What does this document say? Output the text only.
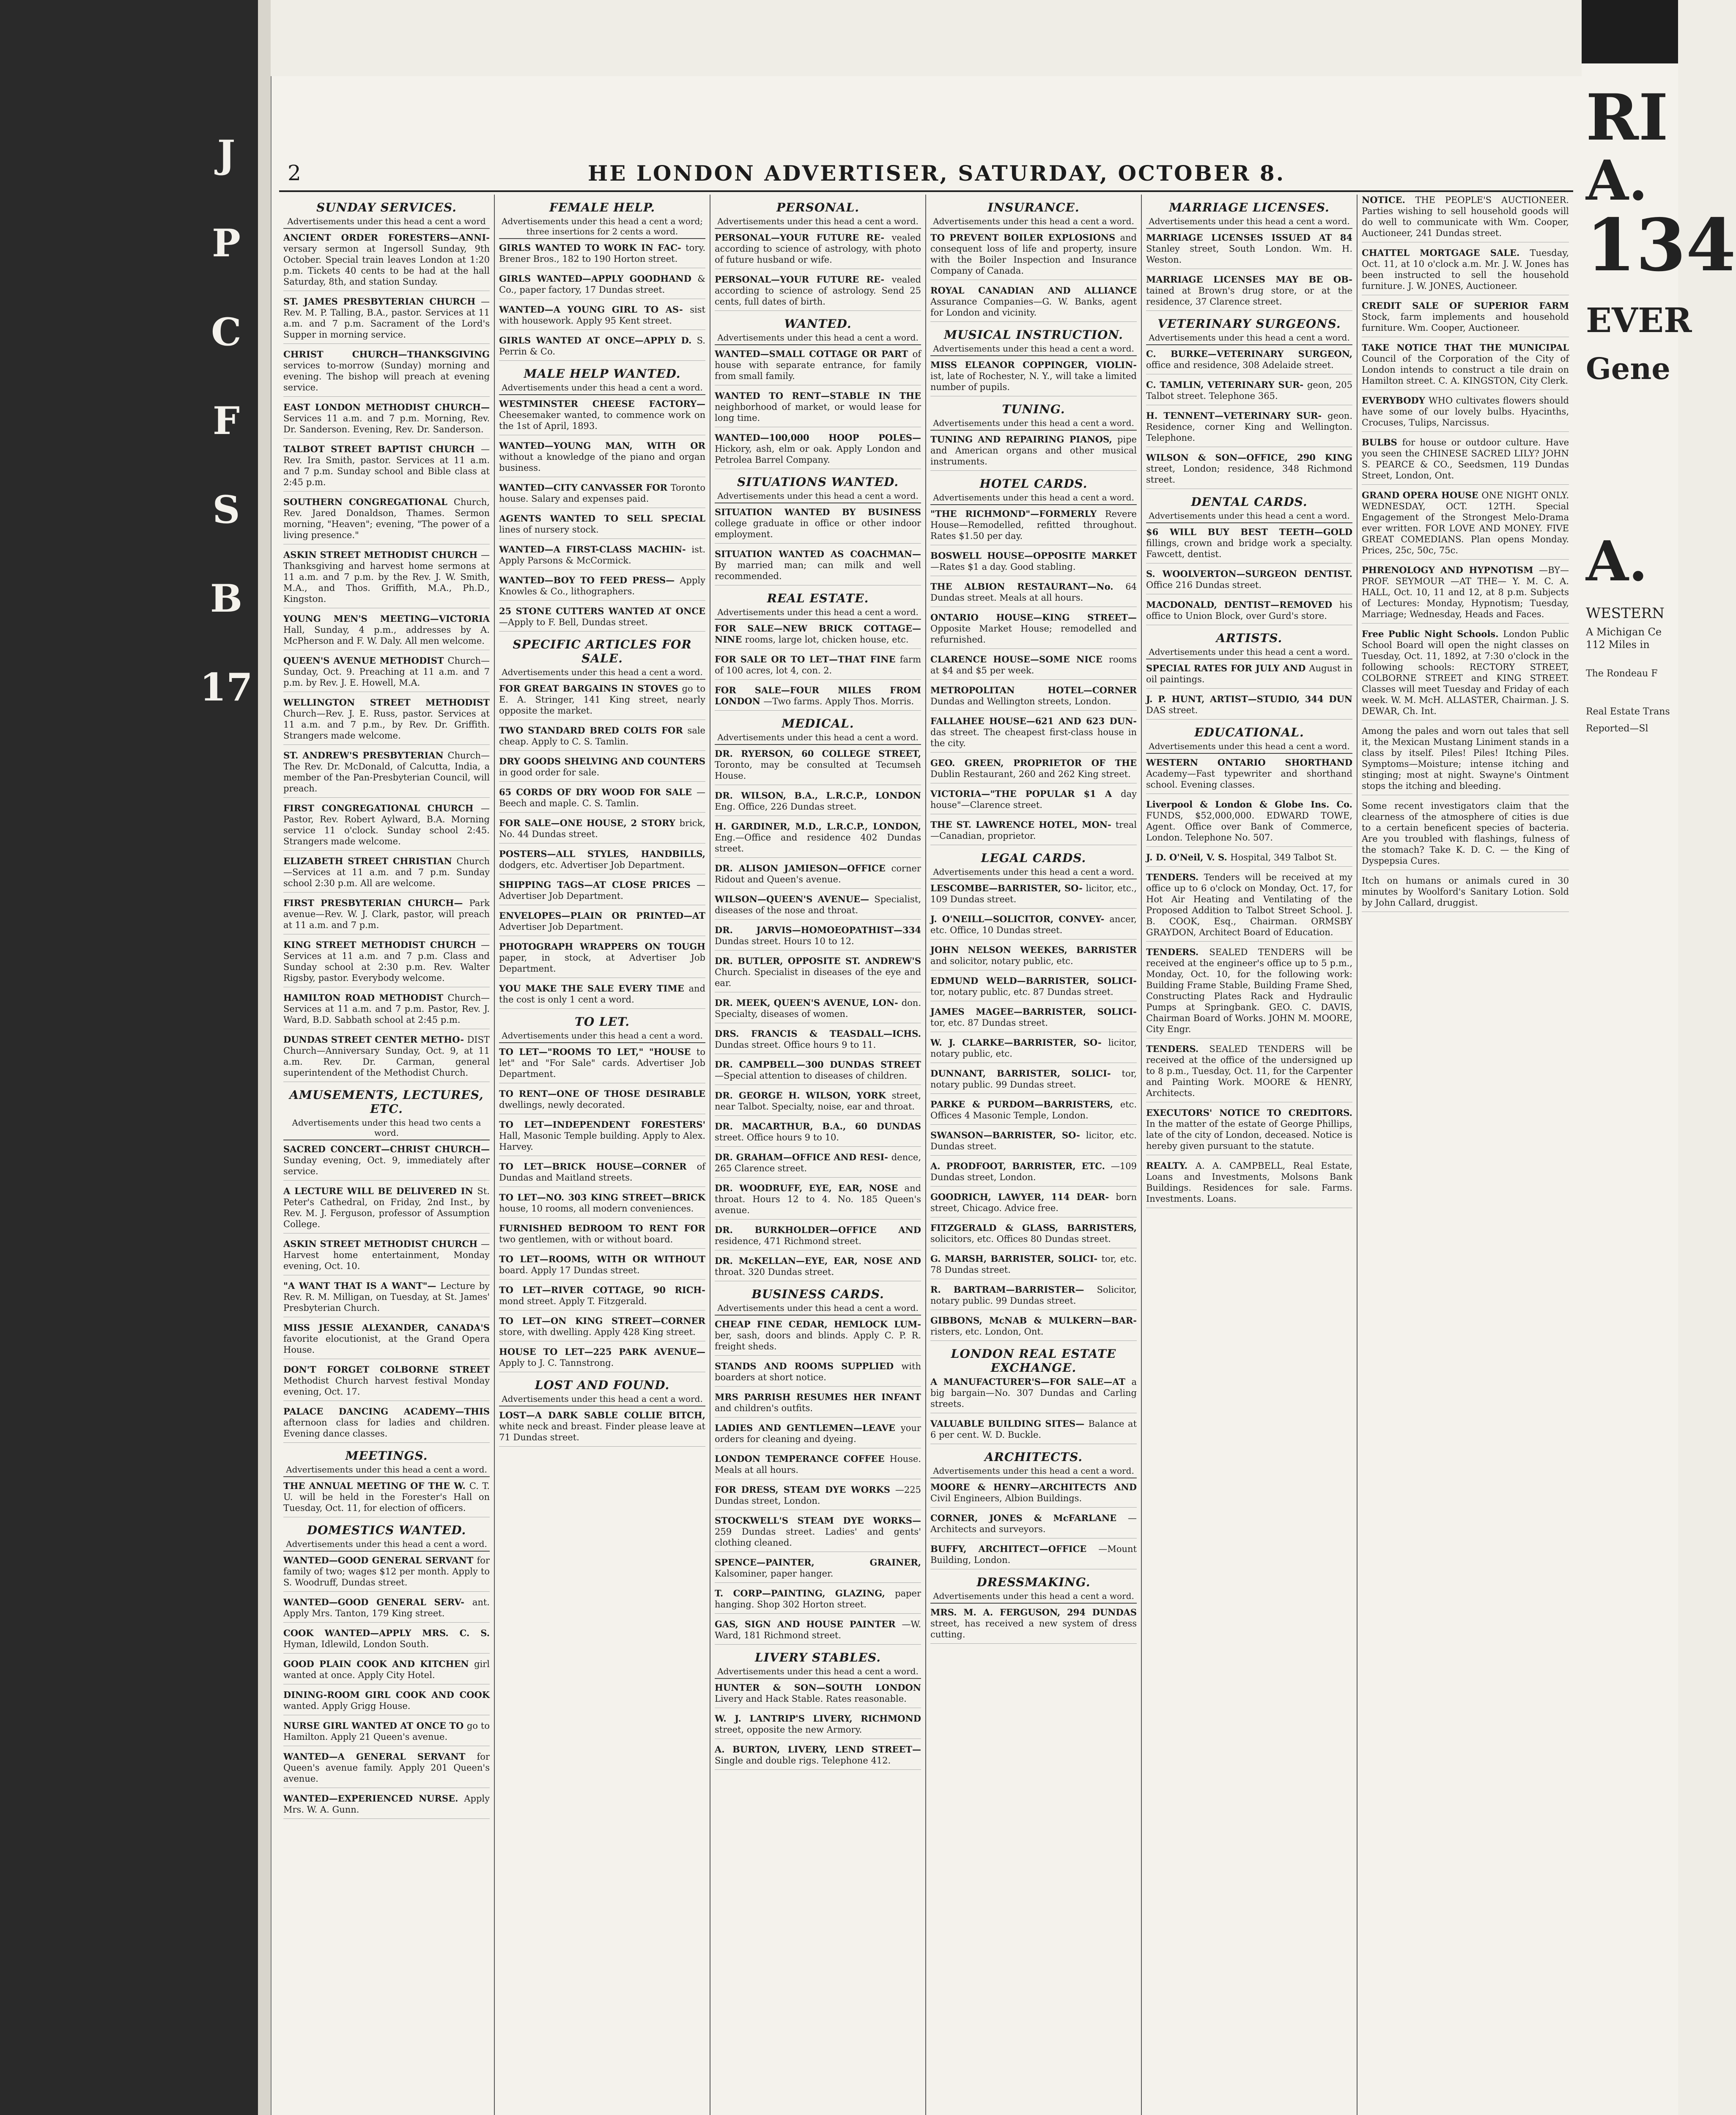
J
P
C
F
S
B
17
2	HE LONDON ADVERTISER, SATURDAY, OCTOBER 8.
SUNDAY SERVICES.
Advertisements under this head a cent a word

ANCIENT ORDER FORESTERS—ANNI- versary sermon at Ingersoll Sunday, 9th October. Special train leaves London at 1:20 p.m. Tickets 40 cents to be had at the hall Saturday, 8th, and station Sunday.

ST. JAMES PRESBYTERIAN CHURCH —Rev. M. P. Talling, B.A., pastor. Services at 11 a.m. and 7 p.m. Sacrament of the Lord's Supper in morning service.

CHRIST CHURCH—THANKSGIVING services to-morrow (Sunday) morning and evening. The bishop will preach at evening service.

EAST LONDON METHODIST CHURCH— Services 11 a.m. and 7 p.m. Morning, Rev. Dr. Sanderson. Evening, Rev. Dr. Sanderson.

TALBOT STREET BAPTIST CHURCH —Rev. Ira Smith, pastor. Services at 11 a.m. and 7 p.m. Sunday school and Bible class at 2:45 p.m.

SOUTHERN CONGREGATIONAL Church, Rev. Jared Donaldson, Thames. Sermon morning, "Heaven"; evening, "The power of a living presence."

ASKIN STREET METHODIST CHURCH —Thanksgiving and harvest home sermons at 11 a.m. and 7 p.m. by the Rev. J. W. Smith, M.A., and Thos. Griffith, M.A., Ph.D., Kingston.

YOUNG MEN'S MEETING—VICTORIA Hall, Sunday, 4 p.m., addresses by A. McPherson and F. W. Daly. All men welcome.

QUEEN'S AVENUE METHODIST Church—Sunday, Oct. 9. Preaching at 11 a.m. and 7 p.m. by Rev. J. E. Howell, M.A.

WELLINGTON STREET METHODIST Church—Rev. J. E. Russ, pastor. Services at 11 a.m. and 7 p.m., by Rev. Dr. Griffith. Strangers made welcome.

ST. ANDREW'S PRESBYTERIAN Church—The Rev. Dr. McDonald, of Calcutta, India, a member of the Pan-Presbyterian Council, will preach.

FIRST CONGREGATIONAL CHURCH —Pastor, Rev. Robert Aylward, B.A. Morning service 11 o'clock. Sunday school 2:45. Strangers made welcome.

ELIZABETH STREET CHRISTIAN Church—Services at 11 a.m. and 7 p.m. Sunday school 2:30 p.m. All are welcome.

FIRST PRESBYTERIAN CHURCH— Park avenue—Rev. W. J. Clark, pastor, will preach at 11 a.m. and 7 p.m.

KING STREET METHODIST CHURCH —Services at 11 a.m. and 7 p.m. Class and Sunday school at 2:30 p.m. Rev. Walter Rigsby, pastor. Everybody welcome.

HAMILTON ROAD METHODIST Church—Services at 11 a.m. and 7 p.m. Pastor, Rev. J. Ward, B.D. Sabbath school at 2:45 p.m.

DUNDAS STREET CENTER METHO- DIST Church—Anniversary Sunday, Oct. 9, at 11 a.m. Rev. Dr. Carman, general superintendent of the Methodist Church.

AMUSEMENTS, LECTURES, ETC.
Advertisements under this head two cents a word.

SACRED CONCERT—CHRIST CHURCH— Sunday evening, Oct. 9, immediately after service.

A LECTURE WILL BE DELIVERED IN St. Peter's Cathedral, on Friday, 2nd Inst., by Rev. M. J. Ferguson, professor of Assumption College.

ASKIN STREET METHODIST CHURCH —Harvest home entertainment, Monday evening, Oct. 10.

"A WANT THAT IS A WANT"— Lecture by Rev. R. M. Milligan, on Tuesday, at St. James' Presbyterian Church.

MISS JESSIE ALEXANDER, CANADA'S favorite elocutionist, at the Grand Opera House.

DON'T FORGET COLBORNE STREET Methodist Church harvest festival Monday evening, Oct. 17.

PALACE DANCING ACADEMY—THIS afternoon class for ladies and children. Evening dance classes.

MEETINGS.
Advertisements under this head a cent a word.

THE ANNUAL MEETING OF THE W. C. T. U. will be held in the Forester's Hall on Tuesday, Oct. 11, for election of officers.

DOMESTICS WANTED.
Advertisements under this head a cent a word.

WANTED—GOOD GENERAL SERVANT for family of two; wages $12 per month. Apply to S. Woodruff, Dundas street.

WANTED—GOOD GENERAL SERV- ant. Apply Mrs. Tanton, 179 King street.

COOK WANTED—APPLY MRS. C. S. Hyman, Idlewild, London South.

GOOD PLAIN COOK AND KITCHEN girl wanted at once. Apply City Hotel.

DINING-ROOM GIRL COOK AND COOK wanted. Apply Grigg House.

NURSE GIRL WANTED AT ONCE TO go to Hamilton. Apply 21 Queen's avenue.

WANTED—A GENERAL SERVANT for Queen's avenue family. Apply 201 Queen's avenue.

WANTED—EXPERIENCED NURSE. Apply Mrs. W. A. Gunn.

FEMALE HELP.
Advertisements under this head a cent a word; three insertions for 2 cents a word.

GIRLS WANTED TO WORK IN FAC- tory. Brener Bros., 182 to 190 Horton street.

GIRLS WANTED—APPLY GOODHAND & Co., paper factory, 17 Dundas street.

WANTED—A YOUNG GIRL TO AS- sist with housework. Apply 95 Kent street.

GIRLS WANTED AT ONCE—APPLY D. S. Perrin & Co.

MALE HELP WANTED.
Advertisements under this head a cent a word.

WESTMINSTER CHEESE FACTORY— Cheesemaker wanted, to commence work on the 1st of April, 1893.

WANTED—YOUNG MAN, WITH OR without a knowledge of the piano and organ business.

WANTED—CITY CANVASSER FOR Toronto house. Salary and expenses paid.

AGENTS WANTED TO SELL SPECIAL lines of nursery stock.

WANTED—A FIRST-CLASS MACHIN- ist. Apply Parsons & McCormick.

WANTED—BOY TO FEED PRESS— Apply Knowles & Co., lithographers.

25 STONE CUTTERS WANTED AT ONCE —Apply to F. Bell, Dundas street.

SPECIFIC ARTICLES FOR SALE.
Advertisements under this head a cent a word.

FOR GREAT BARGAINS IN STOVES go to E. A. Stringer, 141 King street, nearly opposite the market.

TWO STANDARD BRED COLTS FOR sale cheap. Apply to C. S. Tamlin.

DRY GOODS SHELVING AND COUNTERS in good order for sale.

65 CORDS OF DRY WOOD FOR SALE —Beech and maple. C. S. Tamlin.

FOR SALE—ONE HOUSE, 2 STORY brick, No. 44 Dundas street.

POSTERS—ALL STYLES, HANDBILLS, dodgers, etc. Advertiser Job Department.

SHIPPING TAGS—AT CLOSE PRICES —Advertiser Job Department.

ENVELOPES—PLAIN OR PRINTED—AT Advertiser Job Department.

PHOTOGRAPH WRAPPERS ON TOUGH paper, in stock, at Advertiser Job Department.

YOU MAKE THE SALE EVERY TIME and the cost is only 1 cent a word.

TO LET.
Advertisements under this head a cent a word.

TO LET—"ROOMS TO LET," "HOUSE to let" and "For Sale" cards. Advertiser Job Department.

TO RENT—ONE OF THOSE DESIRABLE dwellings, newly decorated.

TO LET—INDEPENDENT FORESTERS' Hall, Masonic Temple building. Apply to Alex. Harvey.

TO LET—BRICK HOUSE—CORNER of Dundas and Maitland streets.

TO LET—NO. 303 KING STREET—BRICK house, 10 rooms, all modern conveniences.

FURNISHED BEDROOM TO RENT FOR two gentlemen, with or without board.

TO LET—ROOMS, WITH OR WITHOUT board. Apply 17 Dundas street.

TO LET—RIVER COTTAGE, 90 RICH- mond street. Apply T. Fitzgerald.

TO LET—ON KING STREET—CORNER store, with dwelling. Apply 428 King street.

HOUSE TO LET—225 PARK AVENUE— Apply to J. C. Tannstrong.

LOST AND FOUND.
Advertisements under this head a cent a word.

LOST—A DARK SABLE COLLIE BITCH, white neck and breast. Finder please leave at 71 Dundas street.

PERSONAL.
Advertisements under this head a cent a word.

PERSONAL—YOUR FUTURE RE- vealed according to science of astrology, with photo of future husband or wife.

PERSONAL—YOUR FUTURE RE- vealed according to science of astrology. Send 25 cents, full dates of birth.

WANTED.
Advertisements under this head a cent a word.

WANTED—SMALL COTTAGE OR PART of house with separate entrance, for family from small family.

WANTED TO RENT—STABLE IN THE neighborhood of market, or would lease for long time.

WANTED—100,000 HOOP POLES— Hickory, ash, elm or oak. Apply London and Petrolea Barrel Company.

SITUATIONS WANTED.
Advertisements under this head a cent a word.

SITUATION WANTED BY BUSINESS college graduate in office or other indoor employment.

SITUATION WANTED AS COACHMAN— By married man; can milk and well recommended.

REAL ESTATE.
Advertisements under this head a cent a word.

FOR SALE—NEW BRICK COTTAGE—NINE rooms, large lot, chicken house, etc.

FOR SALE OR TO LET—THAT FINE farm of 100 acres, lot 4, con. 2.

FOR SALE—FOUR MILES FROM LONDON —Two farms. Apply Thos. Morris.

MEDICAL.
Advertisements under this head a cent a word.

DR. RYERSON, 60 COLLEGE STREET, Toronto, may be consulted at Tecumseh House.

DR. WILSON, B.A., L.R.C.P., LONDON Eng. Office, 226 Dundas street.

H. GARDINER, M.D., L.R.C.P., LONDON, Eng.—Office and residence 402 Dundas street.

DR. ALISON JAMIESON—OFFICE corner Ridout and Queen's avenue.

WILSON—QUEEN'S AVENUE— Specialist, diseases of the nose and throat.

DR. JARVIS—HOMOEOPATHIST—334 Dundas street. Hours 10 to 12.

DR. BUTLER, OPPOSITE ST. ANDREW'S Church. Specialist in diseases of the eye and ear.

DR. MEEK, QUEEN'S AVENUE, LON- don. Specialty, diseases of women.

DRS. FRANCIS & TEASDALL—ICHS. Dundas street. Office hours 9 to 11.

DR. CAMPBELL—300 DUNDAS STREET —Special attention to diseases of children.

DR. GEORGE H. WILSON, YORK street, near Talbot. Specialty, noise, ear and throat.

DR. MACARTHUR, B.A., 60 DUNDAS street. Office hours 9 to 10.

DR. GRAHAM—OFFICE AND RESI- dence, 265 Clarence street.

DR. WOODRUFF, EYE, EAR, NOSE and throat. Hours 12 to 4. No. 185 Queen's avenue.

DR. BURKHOLDER—OFFICE AND residence, 471 Richmond street.

DR. McKELLAN—EYE, EAR, NOSE AND throat. 320 Dundas street.

BUSINESS CARDS.
Advertisements under this head a cent a word.

CHEAP FINE CEDAR, HEMLOCK LUM- ber, sash, doors and blinds. Apply C. P. R. freight sheds.

STANDS AND ROOMS SUPPLIED with boarders at short notice.

MRS PARRISH RESUMES HER INFANT and children's outfits.

LADIES AND GENTLEMEN—LEAVE your orders for cleaning and dyeing.

LONDON TEMPERANCE COFFEE House. Meals at all hours.

FOR DRESS, STEAM DYE WORKS —225 Dundas street, London.

STOCKWELL'S STEAM DYE WORKS— 259 Dundas street. Ladies' and gents' clothing cleaned.

SPENCE—PAINTER, GRAINER, Kalsominer, paper hanger.

T. CORP—PAINTING, GLAZING, paper hanging. Shop 302 Horton street.

GAS, SIGN AND HOUSE PAINTER —W. Ward, 181 Richmond street.

LIVERY STABLES.
Advertisements under this head a cent a word.

HUNTER & SON—SOUTH LONDON Livery and Hack Stable. Rates reasonable.

W. J. LANTRIP'S LIVERY, RICHMOND street, opposite the new Armory.

A. BURTON, LIVERY, LEND STREET— Single and double rigs. Telephone 412.

INSURANCE.
Advertisements under this head a cent a word.

TO PREVENT BOILER EXPLOSIONS and consequent loss of life and property, insure with the Boiler Inspection and Insurance Company of Canada.

ROYAL CANADIAN AND ALLIANCE Assurance Companies—G. W. Banks, agent for London and vicinity.

MUSICAL INSTRUCTION.
Advertisements under this head a cent a word.

MISS ELEANOR COPPINGER, VIOLIN- ist, late of Rochester, N. Y., will take a limited number of pupils.

TUNING.
Advertisements under this head a cent a word.

TUNING AND REPAIRING PIANOS, pipe and American organs and other musical instruments.

HOTEL CARDS.
Advertisements under this head a cent a word.

"THE RICHMOND"—FORMERLY Revere House—Remodelled, refitted throughout. Rates $1.50 per day.

BOSWELL HOUSE—OPPOSITE MARKET —Rates $1 a day. Good stabling.

THE ALBION RESTAURANT—No. 64 Dundas street. Meals at all hours.

ONTARIO HOUSE—KING STREET— Opposite Market House; remodelled and refurnished.

CLARENCE HOUSE—SOME NICE rooms at $4 and $5 per week.

METROPOLITAN HOTEL—CORNER Dundas and Wellington streets, London.

FALLAHEE HOUSE—621 AND 623 DUN- das street. The cheapest first-class house in the city.

GEO. GREEN, PROPRIETOR OF THE Dublin Restaurant, 260 and 262 King street.

VICTORIA—"THE POPULAR $1 A day house"—Clarence street.

THE ST. LAWRENCE HOTEL, MON- treal—Canadian, proprietor.

LEGAL CARDS.
Advertisements under this head a cent a word.

LESCOMBE—BARRISTER, SO- licitor, etc., 109 Dundas street.

J. O'NEILL—SOLICITOR, CONVEY- ancer, etc. Office, 10 Dundas street.

JOHN NELSON WEEKES, BARRISTER and solicitor, notary public, etc.

EDMUND WELD—BARRISTER, SOLICI- tor, notary public, etc. 87 Dundas street.

JAMES MAGEE—BARRISTER, SOLICI- tor, etc. 87 Dundas street.

W. J. CLARKE—BARRISTER, SO- licitor, notary public, etc.

DUNNANT, BARRISTER, SOLICI- tor, notary public. 99 Dundas street.

PARKE & PURDOM—BARRISTERS, etc. Offices 4 Masonic Temple, London.

SWANSON—BARRISTER, SO- licitor, etc. Dundas street.

A. PRODFOOT, BARRISTER, ETC. —109 Dundas street, London.

GOODRICH, LAWYER, 114 DEAR- born street, Chicago. Advice free.

FITZGERALD & GLASS, BARRISTERS, solicitors, etc. Offices 80 Dundas street.

G. MARSH, BARRISTER, SOLICI- tor, etc. 78 Dundas street.

R. BARTRAM—BARRISTER— Solicitor, notary public. 99 Dundas street.

GIBBONS, McNAB & MULKERN—BAR- risters, etc. London, Ont.

LONDON REAL ESTATE EXCHANGE.

A MANUFACTURER'S—FOR SALE—AT a big bargain—No. 307 Dundas and Carling streets.

VALUABLE BUILDING SITES— Balance at 6 per cent. W. D. Buckle.

ARCHITECTS.
Advertisements under this head a cent a word.

MOORE & HENRY—ARCHITECTS AND Civil Engineers, Albion Buildings.

CORNER, JONES & McFARLANE —Architects and surveyors.

BUFFY, ARCHITECT—OFFICE —Mount Building, London.

DRESSMAKING.
Advertisements under this head a cent a word.

MRS. M. A. FERGUSON, 294 DUNDAS street, has received a new system of dress cutting.

MARRIAGE LICENSES.
Advertisements under this head a cent a word.

MARRIAGE LICENSES ISSUED AT 84 Stanley street, South London. Wm. H. Weston.

MARRIAGE LICENSES MAY BE OB- tained at Brown's drug store, or at the residence, 37 Clarence street.

VETERINARY SURGEONS.
Advertisements under this head a cent a word.

C. BURKE—VETERINARY SURGEON, office and residence, 308 Adelaide street.

C. TAMLIN, VETERINARY SUR- geon, 205 Talbot street. Telephone 365.

H. TENNENT—VETERINARY SUR- geon. Residence, corner King and Wellington. Telephone.

WILSON & SON—OFFICE, 290 KING street, London; residence, 348 Richmond street.

DENTAL CARDS.
Advertisements under this head a cent a word.

$6 WILL BUY BEST TEETH—GOLD fillings, crown and bridge work a specialty. Fawcett, dentist.

S. WOOLVERTON—SURGEON DENTIST. Office 216 Dundas street.

MACDONALD, DENTIST—REMOVED his office to Union Block, over Gurd's store.

ARTISTS.
Advertisements under this head a cent a word.

SPECIAL RATES FOR JULY AND August in oil paintings.

J. P. HUNT, ARTIST—STUDIO, 344 DUN DAS street.

EDUCATIONAL.
Advertisements under this head a cent a word.

WESTERN ONTARIO SHORTHAND Academy—Fast typewriter and shorthand school. Evening classes.

Liverpool & London & Globe Ins. Co. FUNDS, $52,000,000. EDWARD TOWE, Agent. Office over Bank of Commerce, London. Telephone No. 507.

J. D. O'Neil, V. S. Hospital, 349 Talbot St.

TENDERS. Tenders will be received at my office up to 6 o'clock on Monday, Oct. 17, for Hot Air Heating and Ventilating of the Proposed Addition to Talbot Street School. J. B. COOK, Esq., Chairman. ORMSBY GRAYDON, Architect Board of Education.

TENDERS. SEALED TENDERS will be received at the engineer's office up to 5 p.m., Monday, Oct. 10, for the following work: Building Frame Stable, Building Frame Shed, Constructing Plates Rack and Hydraulic Pumps at Springbank. GEO. C. DAVIS, Chairman Board of Works. JOHN M. MOORE, City Engr.

TENDERS. SEALED TENDERS will be received at the office of the undersigned up to 8 p.m., Tuesday, Oct. 11, for the Carpenter and Painting Work. MOORE & HENRY, Architects.

EXECUTORS' NOTICE TO CREDITORS. In the matter of the estate of George Phillips, late of the city of London, deceased. Notice is hereby given pursuant to the statute.

REALTY. A. A. CAMPBELL, Real Estate, Loans and Investments, Molsons Bank Buildings. Residences for sale. Farms. Investments. Loans.

NOTICE. THE PEOPLE'S AUCTIONEER. Parties wishing to sell household goods will do well to communicate with Wm. Cooper, Auctioneer, 241 Dundas street.

CHATTEL MORTGAGE SALE. Tuesday, Oct. 11, at 10 o'clock a.m. Mr. J. W. Jones has been instructed to sell the household furniture. J. W. JONES, Auctioneer.

CREDIT SALE OF SUPERIOR FARM Stock, farm implements and household furniture. Wm. Cooper, Auctioneer.

TAKE NOTICE THAT THE MUNICIPAL Council of the Corporation of the City of London intends to construct a tile drain on Hamilton street. C. A. KINGSTON, City Clerk.

EVERYBODY WHO cultivates flowers should have some of our lovely bulbs. Hyacinths, Crocuses, Tulips, Narcissus.

BULBS for house or outdoor culture. Have you seen the CHINESE SACRED LILY? JOHN S. PEARCE & CO., Seedsmen, 119 Dundas Street, London, Ont.

GRAND OPERA HOUSE ONE NIGHT ONLY. WEDNESDAY, OCT. 12TH. Special Engagement of the Strongest Melo-Drama ever written. FOR LOVE AND MONEY. FIVE GREAT COMEDIANS. Plan opens Monday. Prices, 25c, 50c, 75c.

PHRENOLOGY AND HYPNOTISM —BY— PROF. SEYMOUR —AT THE— Y. M. C. A. HALL, Oct. 10, 11 and 12, at 8 p.m. Subjects of Lectures: Monday, Hypnotism; Tuesday, Marriage; Wednesday, Heads and Faces.

Free Public Night Schools. London Public School Board will open the night classes on Tuesday, Oct. 11, 1892, at 7:30 o'clock in the following schools: RECTORY STREET, COLBORNE STREET and KING STREET. Classes will meet Tuesday and Friday of each week. W. M. McH. ALLASTER, Chairman. J. S. DEWAR, Ch. Int.

Among the pales and worn out tales that sell it, the Mexican Mustang Liniment stands in a class by itself. Piles! Piles! Itching Piles. Symptoms—Moisture; intense itching and stinging; most at night. Swayne's Ointment stops the itching and bleeding.

Some recent investigators claim that the clearness of the atmosphere of cities is due to a certain beneficent species of bacteria. Are you troubled with flashings, fulness of the stomach? Take K. D. C. — the King of Dyspepsia Cures.

Itch on humans or animals cured in 30 minutes by Woolford's Sanitary Lotion. Sold by John Callard, druggist.

RI
A.
134
EVER
Gene
A.
WESTERN
A Michigan Ce
112 Miles in
The Rondeau F
Real Estate Trans
Reported—Sl
